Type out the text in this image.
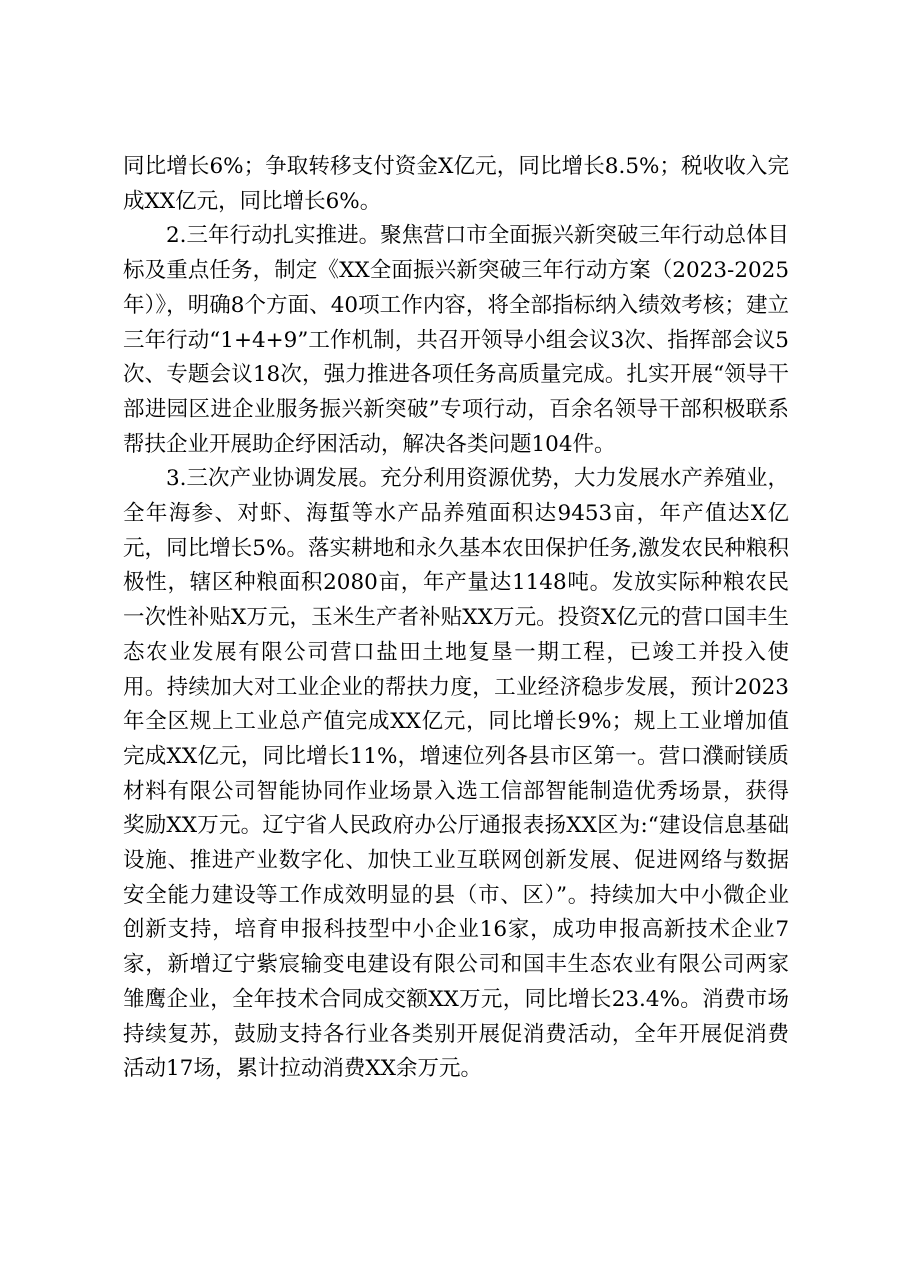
同比增长6%；争取转移支付资金X亿元，同比增长8.5%；税收收入完成XX亿元，同比增长6%。

2.三年行动扎实推进。聚焦营口市全面振兴新突破三年行动总体目标及重点任务，制定《XX全面振兴新突破三年行动方案（2023-2025年）》，明确8个方面、40项工作内容，将全部指标纳入绩效考核；建立三年行动“1+4+9”工作机制，共召开领导小组会议3次、指挥部会议5次、专题会议18次，强力推进各项任务高质量完成。扎实开展“领导干部进园区进企业服务振兴新突破”专项行动，百余名领导干部积极联系帮扶企业开展助企纾困活动，解决各类问题104件。

3.三次产业协调发展。充分利用资源优势，大力发展水产养殖业，全年海参、对虾、海蜇等水产品养殖面积达9453亩，年产值达X亿元，同比增长5%。落实耕地和永久基本农田保护任务,激发农民种粮积极性，辖区种粮面积2080亩，年产量达1148吨。发放实际种粮农民一次性补贴X万元，玉米生产者补贴XX万元。投资X亿元的营口国丰生态农业发展有限公司营口盐田土地复垦一期工程，已竣工并投入使用。持续加大对工业企业的帮扶力度，工业经济稳步发展，预计2023年全区规上工业总产值完成XX亿元，同比增长9%；规上工业增加值完成XX亿元，同比增长11%，增速位列各县市区第一。营口濮耐镁质材料有限公司智能协同作业场景入选工信部智能制造优秀场景，获得奖励XX万元。辽宁省人民政府办公厅通报表扬XX区为:“建设信息基础设施、推进产业数字化、加快工业互联网创新发展、促进网络与数据安全能力建设等工作成效明显的县（市、区）”。持续加大中小微企业创新支持，培育申报科技型中小企业16家，成功申报高新技术企业7家，新增辽宁紫宸输变电建设有限公司和国丰生态农业有限公司两家雏鹰企业，全年技术合同成交额XX万元，同比增长23.4%。消费市场持续复苏，鼓励支持各行业各类别开展促消费活动，全年开展促消费活动17场，累计拉动消费XX余万元。
